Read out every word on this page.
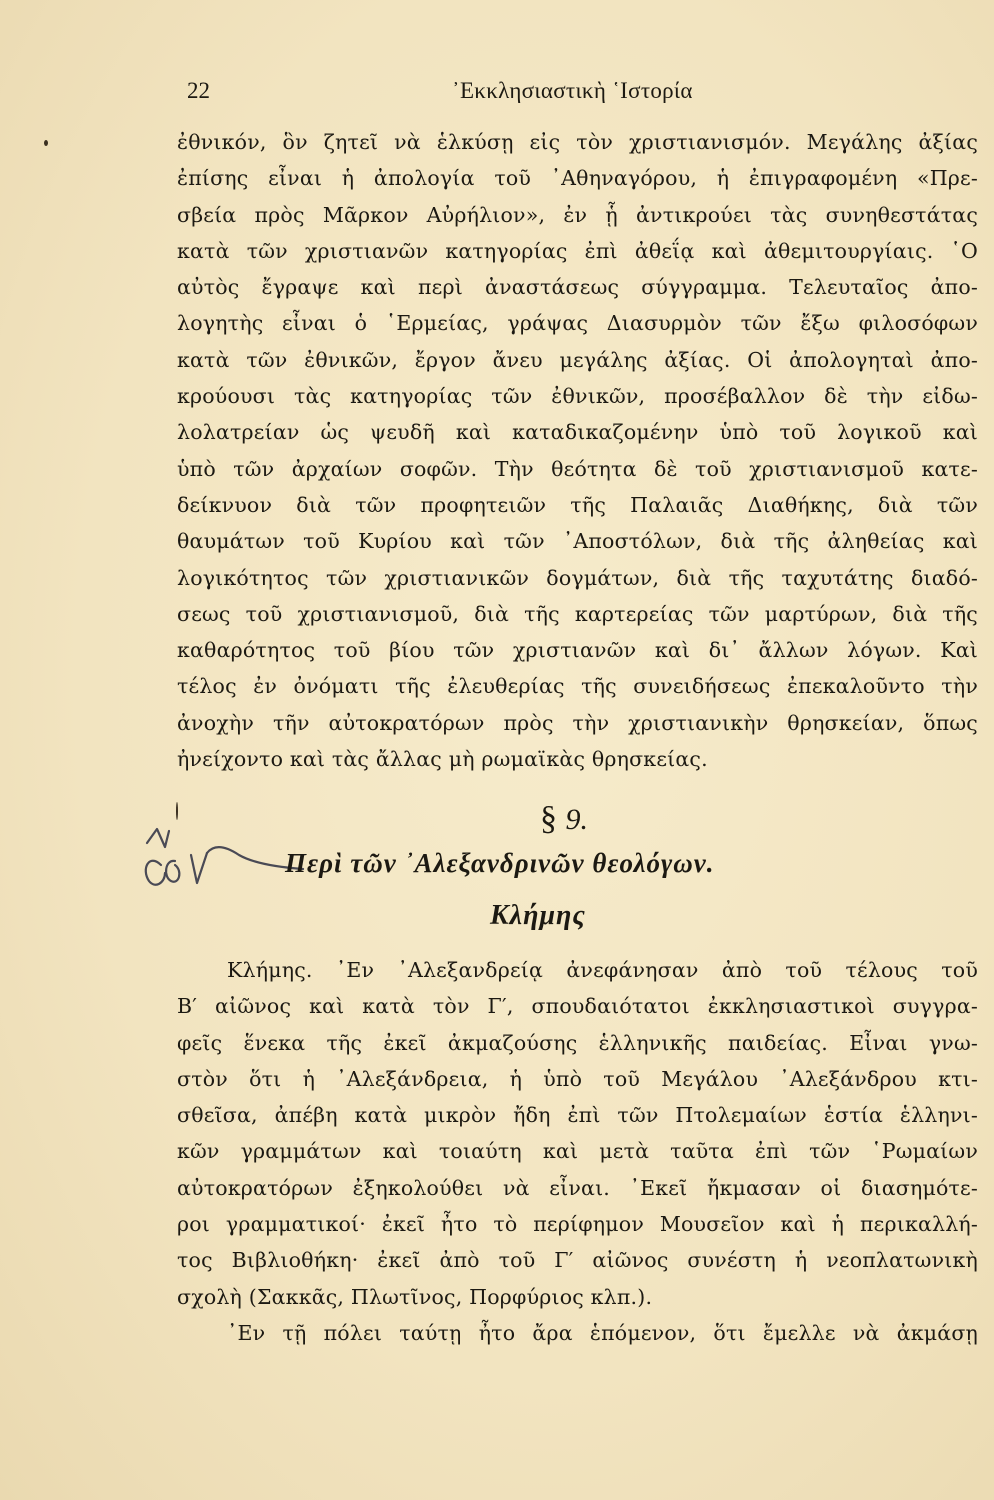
22	᾿Εκκλησιαστικὴ ῾Ιστορία
ἐθνικόν, ὃν ζητεῖ νὰ ἑλκύσῃ εἰς τὸν χριστιανισμόν. Μεγάλης ἀξίας
ἐπίσης εἶναι ἡ ἀπολογία τοῦ ᾿Αθηναγόρου, ἡ ἐπιγραφομένη «Πρε-
σβεία πρὸς Μᾶρκον Αὐρήλιον», ἐν ᾗ ἀντικρούει τὰς συνηθεστάτας
κατὰ τῶν χριστιανῶν κατηγορίας ἐπὶ ἀθεΐᾳ καὶ ἀθεμιτουργίαις. ῾Ο
αὐτὸς ἔγραψε καὶ περὶ ἀναστάσεως σύγγραμμα. Τελευταῖος ἀπο-
λογητὴς εἶναι ὁ ῾Ερμείας, γράψας Διασυρμὸν τῶν ἔξω φιλοσόφων
κατὰ τῶν ἐθνικῶν, ἔργον ἄνευ μεγάλης ἀξίας. Οἱ ἀπολογηταὶ ἀπο-
κρούουσι τὰς κατηγορίας τῶν ἐθνικῶν, προσέβαλλον δὲ τὴν εἰδω-
λολατρείαν ὡς ψευδῆ καὶ καταδικαζομένην ὑπὸ τοῦ λογικοῦ καὶ
ὑπὸ τῶν ἀρχαίων σοφῶν. Τὴν θεότητα δὲ τοῦ χριστιανισμοῦ κατε-
δείκνυον διὰ τῶν προφητειῶν τῆς Παλαιᾶς Διαθήκης, διὰ τῶν
θαυμάτων τοῦ Κυρίου καὶ τῶν ᾿Αποστόλων, διὰ τῆς ἀληθείας καὶ
λογικότητος τῶν χριστιανικῶν δογμάτων, διὰ τῆς ταχυτάτης διαδό-
σεως τοῦ χριστιανισμοῦ, διὰ τῆς καρτερείας τῶν μαρτύρων, διὰ τῆς
καθαρότητος τοῦ βίου τῶν χριστιανῶν καὶ δι᾿ ἄλλων λόγων. Καὶ
τέλος ἐν ὀνόματι τῆς ἐλευθερίας τῆς συνειδήσεως ἐπεκαλοῦντο τὴν
ἀνοχὴν τῆν αὐτοκρατόρων πρὸς τὴν χριστιανικὴν θρησκείαν, ὅπως
ἠνείχοντο καὶ τὰς ἄλλας μὴ ρωμαϊκὰς θρησκείας.
§ 9.
Περὶ τῶν ᾿Αλεξανδρινῶν θεολόγων.
Κλήμης
Κλήμης. ᾿Εν ᾿Αλεξανδρείᾳ ἀνεφάνησαν ἀπὸ τοῦ τέλους τοῦ
Β′ αἰῶνος καὶ κατὰ τὸν Γ′, σπουδαιότατοι ἐκκλησιαστικοὶ συγγρα-
φεῖς ἕνεκα τῆς ἐκεῖ ἀκμαζούσης ἑλληνικῆς παιδείας. Εἶναι γνω-
στὸν ὅτι ἡ ᾿Αλεξάνδρεια, ἡ ὑπὸ τοῦ Μεγάλου ᾿Αλεξάνδρου κτι-
σθεῖσα, ἀπέβη κατὰ μικρὸν ἤδη ἐπὶ τῶν Πτολεμαίων ἑστία ἑλληνι-
κῶν γραμμάτων καὶ τοιαύτη καὶ μετὰ ταῦτα ἐπὶ τῶν ῾Ρωμαίων
αὐτοκρατόρων ἐξηκολούθει νὰ εἶναι. ᾿Εκεῖ ἤκμασαν οἱ διασημότε-
ροι γραμματικοί· ἐκεῖ ἦτο τὸ περίφημον Μουσεῖον καὶ ἡ περικαλλή-
τος Βιβλιοθήκη· ἐκεῖ ἀπὸ τοῦ Γ′ αἰῶνος συνέστη ἡ νεοπλατωνικὴ
σχολὴ (Σακκᾶς, Πλωτῖνος, Πορφύριος κλπ.).
᾿Εν τῇ πόλει ταύτῃ ἦτο ἄρα ἑπόμενον, ὅτι ἔμελλε νὰ ἀκμάσῃ
